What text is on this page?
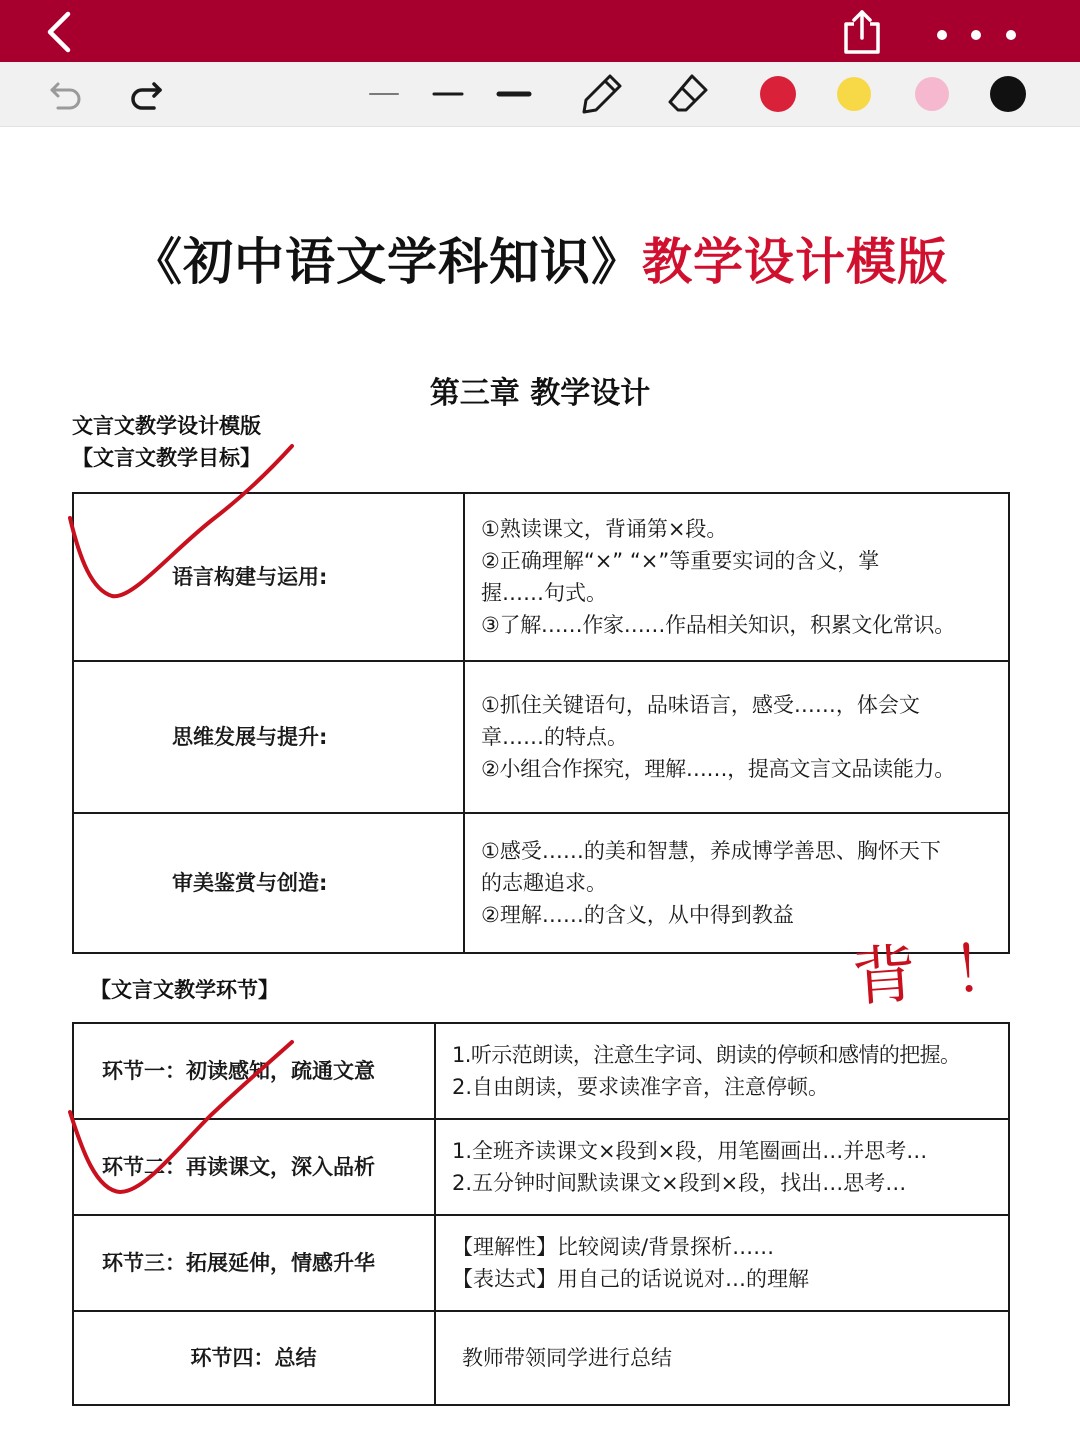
《初中语文学科知识》教学设计模版
第三章 教学设计
文言文教学设计模版
【文言文教学目标】
语言构建与运用:	①熟读课文，背诵第×段。
②正确理解“×” “×”等重要实词的含义，掌
握……句式。
③了解……作家……作品相关知识，积累文化常识。

思维发展与提升:	①抓住关键语句，品味语言，感受……，体会文
章……的特点。
②小组合作探究，理解……，提高文言文品读能力。

审美鉴赏与创造:	①感受……的美和智慧，养成博学善思、胸怀天下
的志趣追求。
②理解……的含义，从中得到教益
【文言文教学环节】
环节一：初读感知，疏通文意	1.听示范朗读，注意生字词、朗读的停顿和感情的把握。
2.自由朗读，要求读准字音，注意停顿。

环节二：再读课文，深入品析	1.全班齐读课文×段到×段，用笔圈画出…并思考…
2.五分钟时间默读课文×段到×段，找出…思考…

环节三：拓展延伸，情感升华	【理解性】比较阅读/背景探析……
【表达式】用自己的话说说对…的理解

环节四：总结	教师带领同学进行总结
背！
